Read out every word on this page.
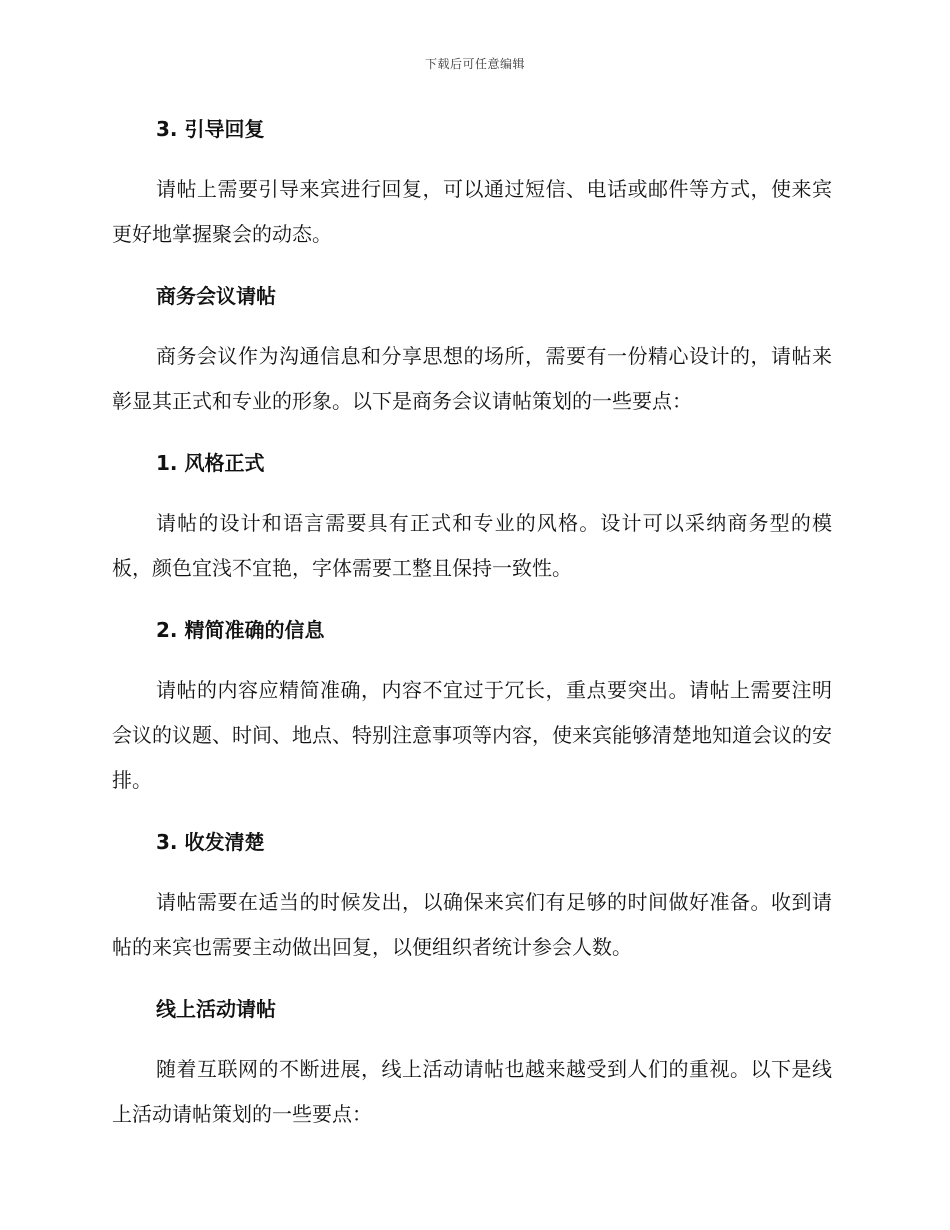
下载后可任意编辑
3. 引导回复

请帖上需要引导来宾进行回复，可以通过短信、电话或邮件等方式，使来宾更好地掌握聚会的动态。

商务会议请帖

商务会议作为沟通信息和分享思想的场所，需要有一份精心设计的，请帖来彰显其正式和专业的形象。以下是商务会议请帖策划的一些要点：

1. 风格正式

请帖的设计和语言需要具有正式和专业的风格。设计可以采纳商务型的模板，颜色宜浅不宜艳，字体需要工整且保持一致性。

2. 精简准确的信息

请帖的内容应精简准确，内容不宜过于冗长，重点要突出。请帖上需要注明会议的议题、时间、地点、特别注意事项等内容，使来宾能够清楚地知道会议的安排。

3. 收发清楚

请帖需要在适当的时候发出，以确保来宾们有足够的时间做好准备。收到请帖的来宾也需要主动做出回复，以便组织者统计参会人数。

线上活动请帖

随着互联网的不断进展，线上活动请帖也越来越受到人们的重视。以下是线上活动请帖策划的一些要点：
